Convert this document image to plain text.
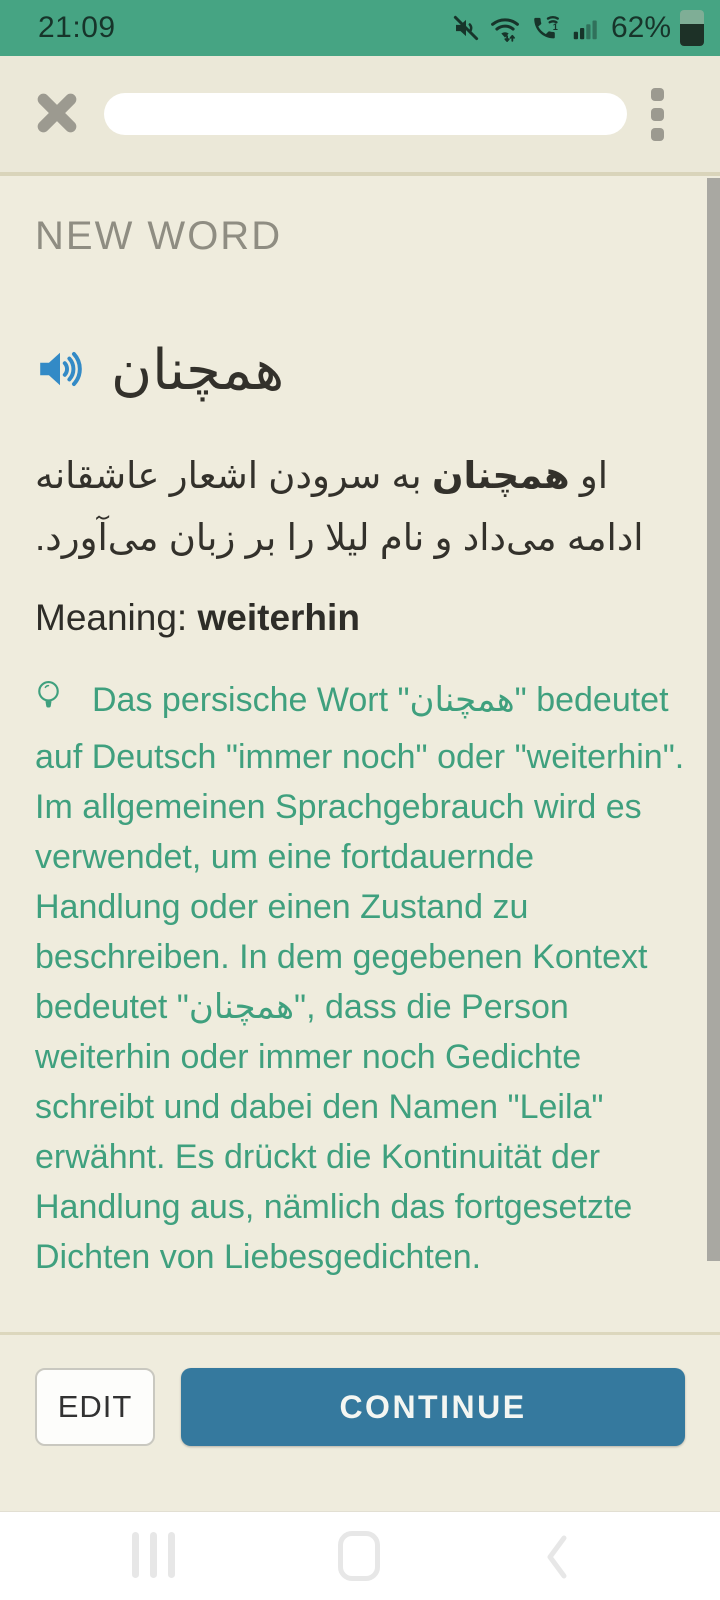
21:09	1 62%
NEW WORD
همچنان

او همچنان به سرودن اشعار عاشقانه ادامه می‌داد و نام لیلا را بر زبان می‌آورد.

Meaning: weiterhin

Das persische Wort "همچنان" bedeutet auf Deutsch "immer noch" oder "weiterhin". Im allgemeinen Sprachgebrauch wird es verwendet, um eine fortdauernde Handlung oder einen Zustand zu beschreiben. In dem gegebenen Kontext bedeutet "همچنان", dass die Person weiterhin oder immer noch Gedichte schreibt und dabei den Namen "Leila" erwähnt. Es drückt die Kontinuität der Handlung aus, nämlich das fortgesetzte Dichten von Liebesgedichten.

EDIT	CONTINUE
